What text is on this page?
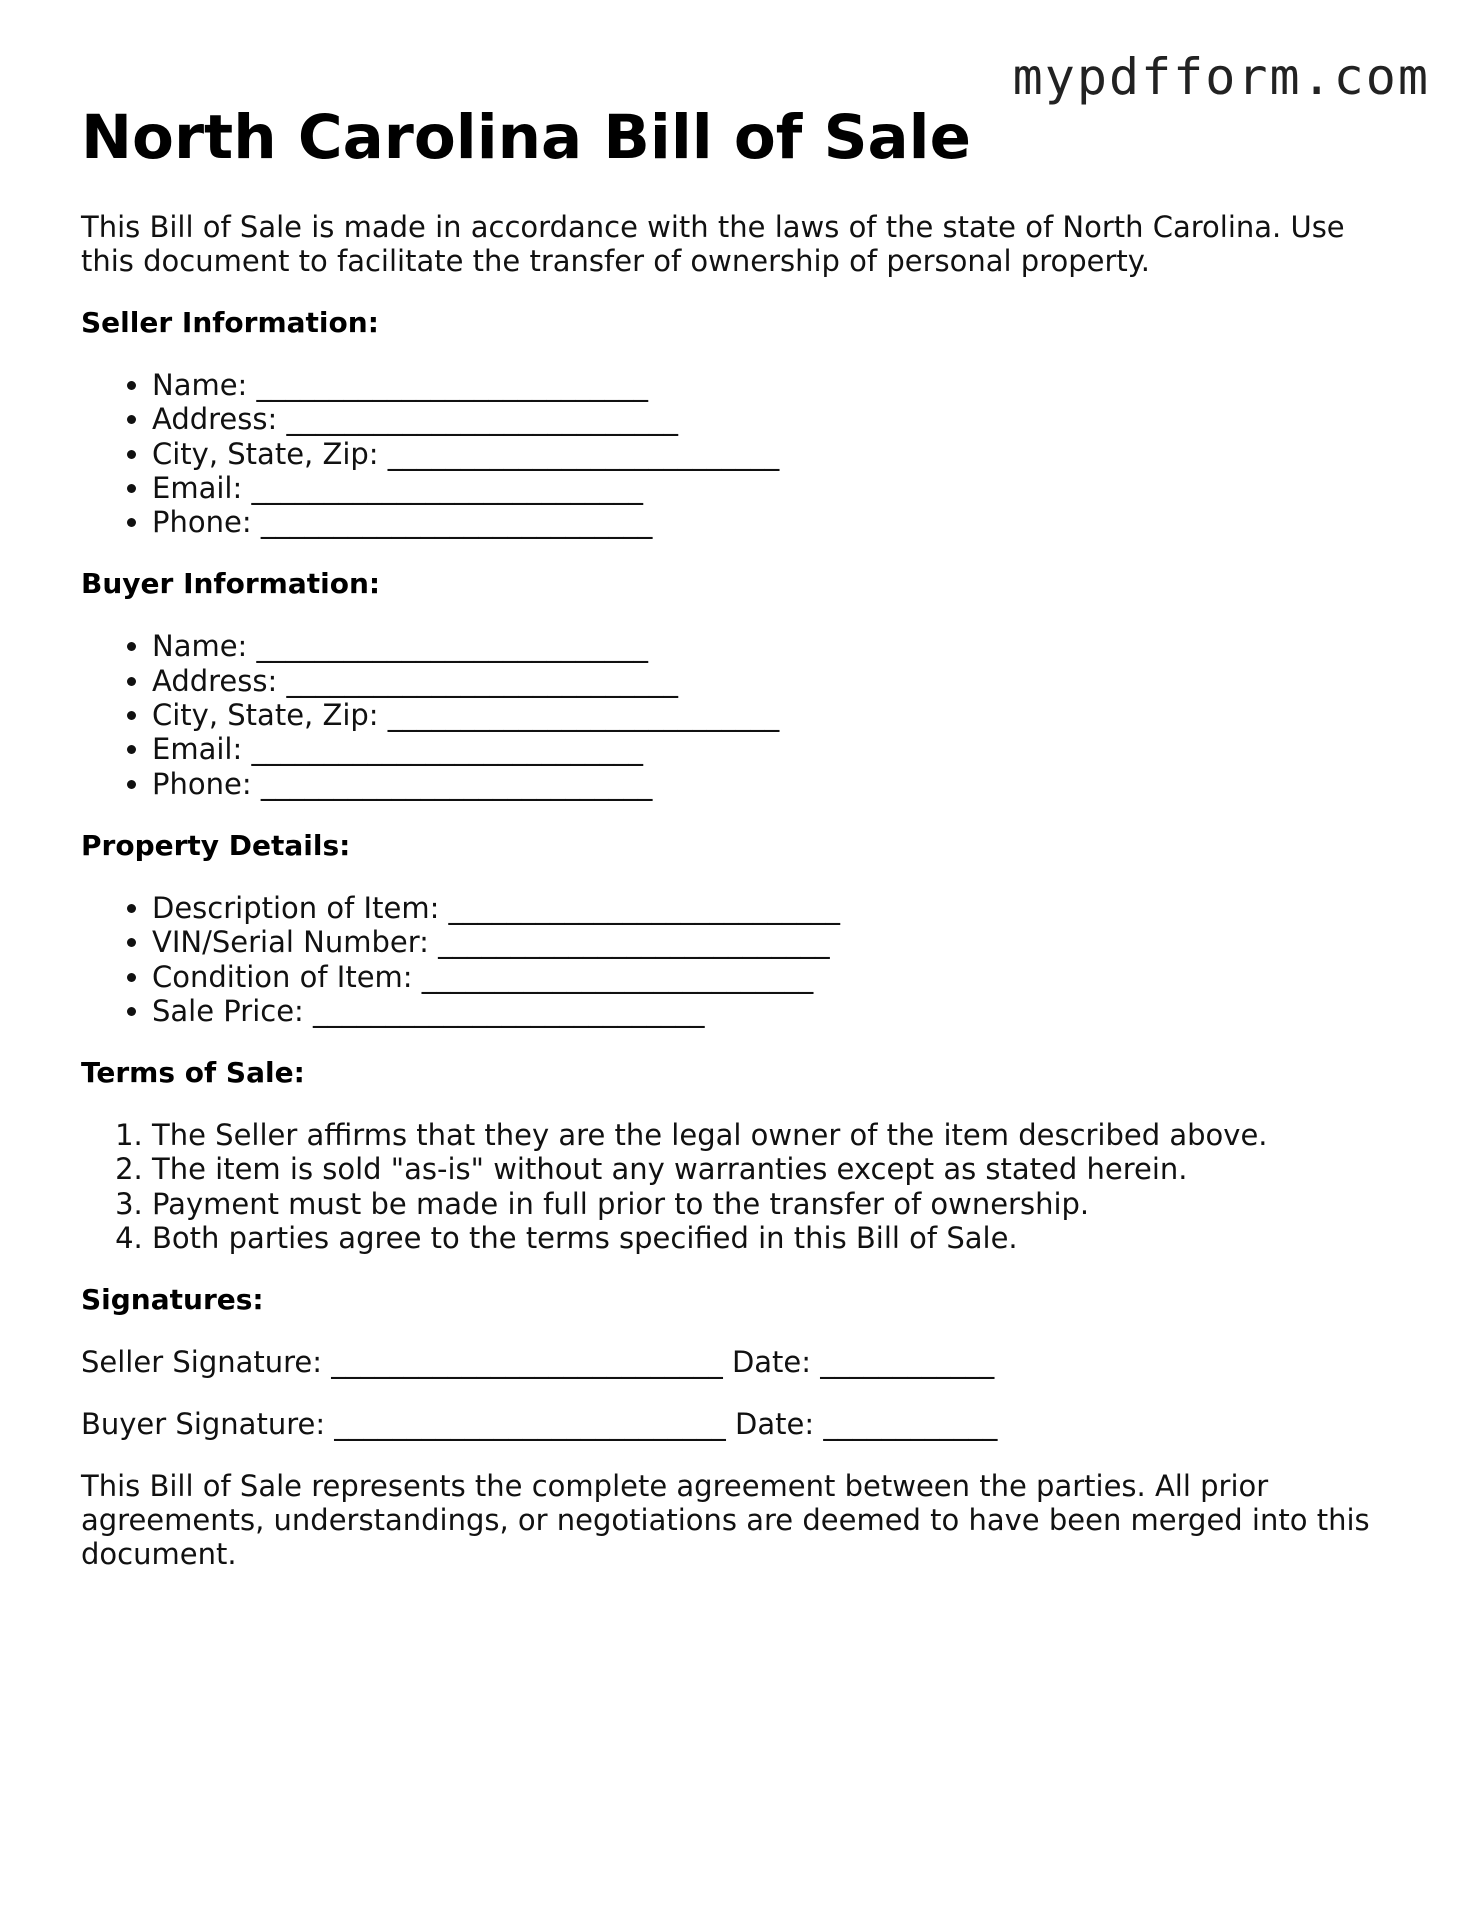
mypdfform.com
North Carolina Bill of Sale

This Bill of Sale is made in accordance with the laws of the state of North Carolina. Use this document to facilitate the transfer of ownership of personal property.

Seller Information:
• Name: ___________________________
• Address: ___________________________
• City, State, Zip: ___________________________
• Email: ___________________________
• Phone: ___________________________
Buyer Information:
• Name: ___________________________
• Address: ___________________________
• City, State, Zip: ___________________________
• Email: ___________________________
• Phone: ___________________________
Property Details:
• Description of Item: ___________________________
• VIN/Serial Number: ___________________________
• Condition of Item: ___________________________
• Sale Price: ___________________________
Terms of Sale:
1. The Seller affirms that they are the legal owner of the item described above.
2. The item is sold "as-is" without any warranties except as stated herein.
3. Payment must be made in full prior to the transfer of ownership.
4. Both parties agree to the terms specified in this Bill of Sale.
Signatures:

Seller Signature: ___________________________ Date: ____________

Buyer Signature: ___________________________ Date: ____________

This Bill of Sale represents the complete agreement between the parties. All prior agreements, understandings, or negotiations are deemed to have been merged into this document.
